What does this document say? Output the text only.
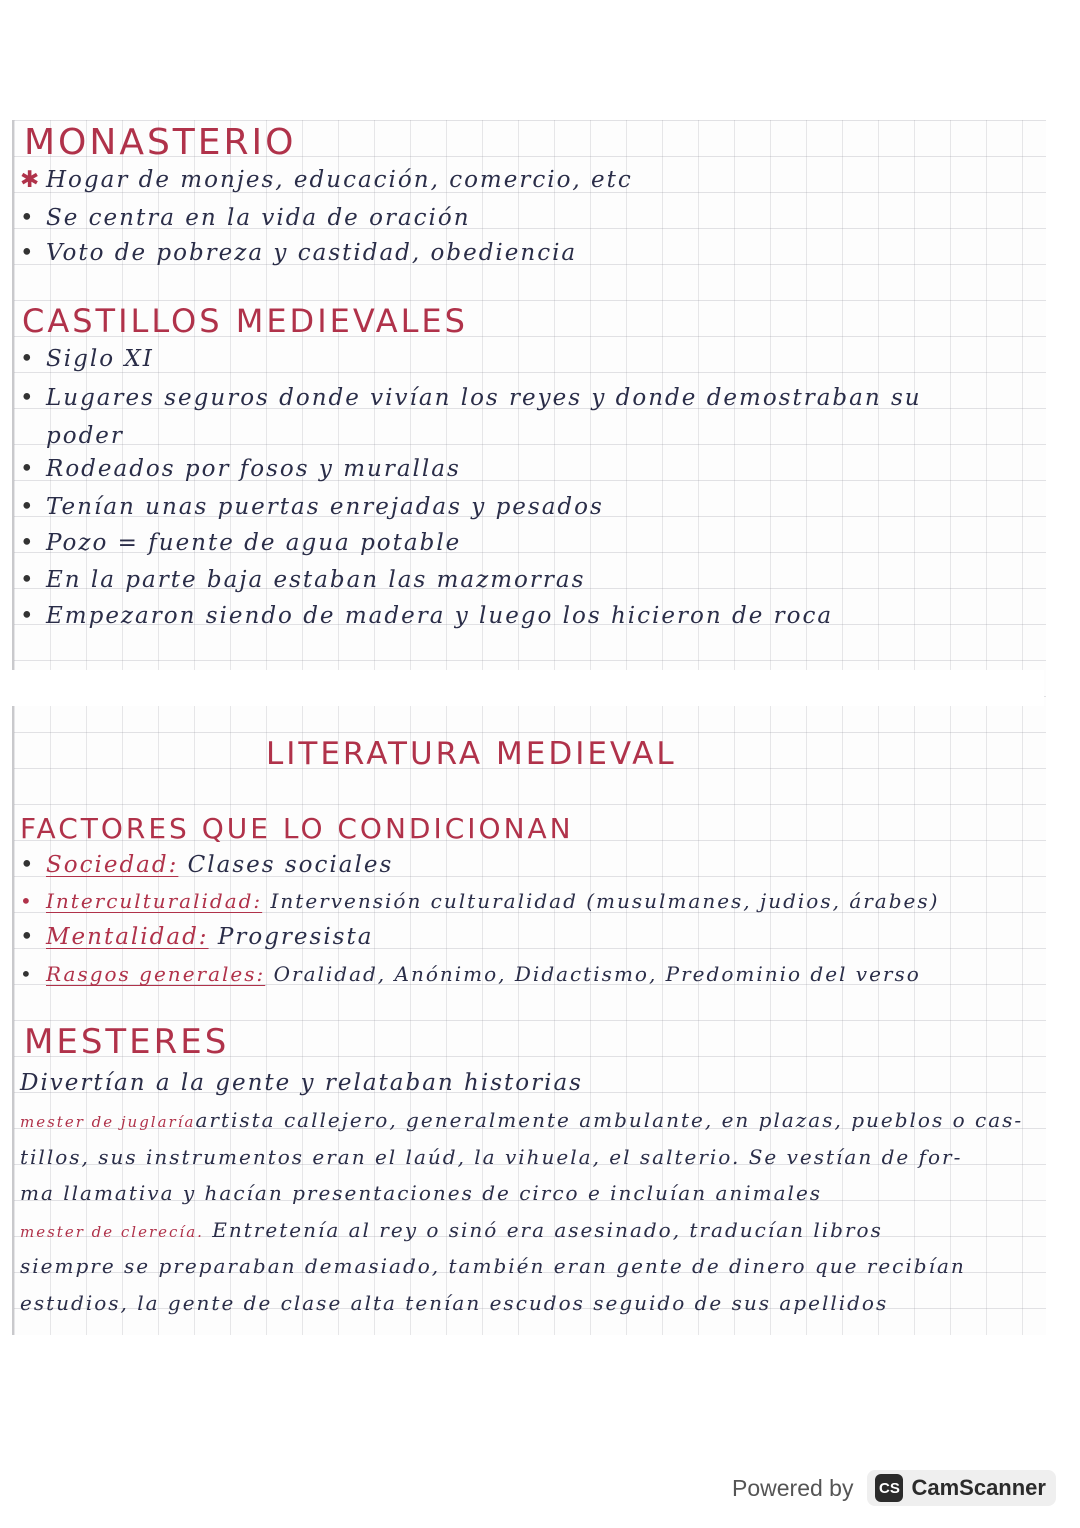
MONASTERIO
✱ Hogar de monjes, educación, comercio, etc
• Se centra en la vida de oración
• Voto de pobreza y castidad, obediencia
CASTILLOS MEDIEVALES
• Siglo XI
• Lugares seguros donde vivían los reyes y donde demostraban su
poder
• Rodeados por fosos y murallas
• Tenían unas puertas enrejadas y pesados
• Pozo = fuente de agua potable
• En la parte baja estaban las mazmorras
• Empezaron siendo de madera y luego los hicieron de roca
LITERATURA MEDIEVAL
FACTORES QUE LO CONDICIONAN
• Sociedad: Clases sociales
• Interculturalidad: Intervensión culturalidad (musulmanes, judios, árabes)
• Mentalidad: Progresista
• Rasgos generales: Oralidad, Anónimo, Didactismo, Predominio del verso
MESTERES
Divertían a la gente y relataban historias
mester de juglaríaartista callejero, generalmente ambulante, en plazas, pueblos o cas-
tillos, sus instrumentos eran el laúd, la vihuela, el salterio. Se vestían de for-
ma llamativa y hacían presentaciones de circo e incluían animales
mester de clerecía. Entretenía al rey o sinó era asesinado, traducían libros
siempre se preparaban demasiado, también eran gente de dinero que recibían
estudios, la gente de clase alta tenían escudos seguido de sus apellidos
Powered by CS CamScanner
